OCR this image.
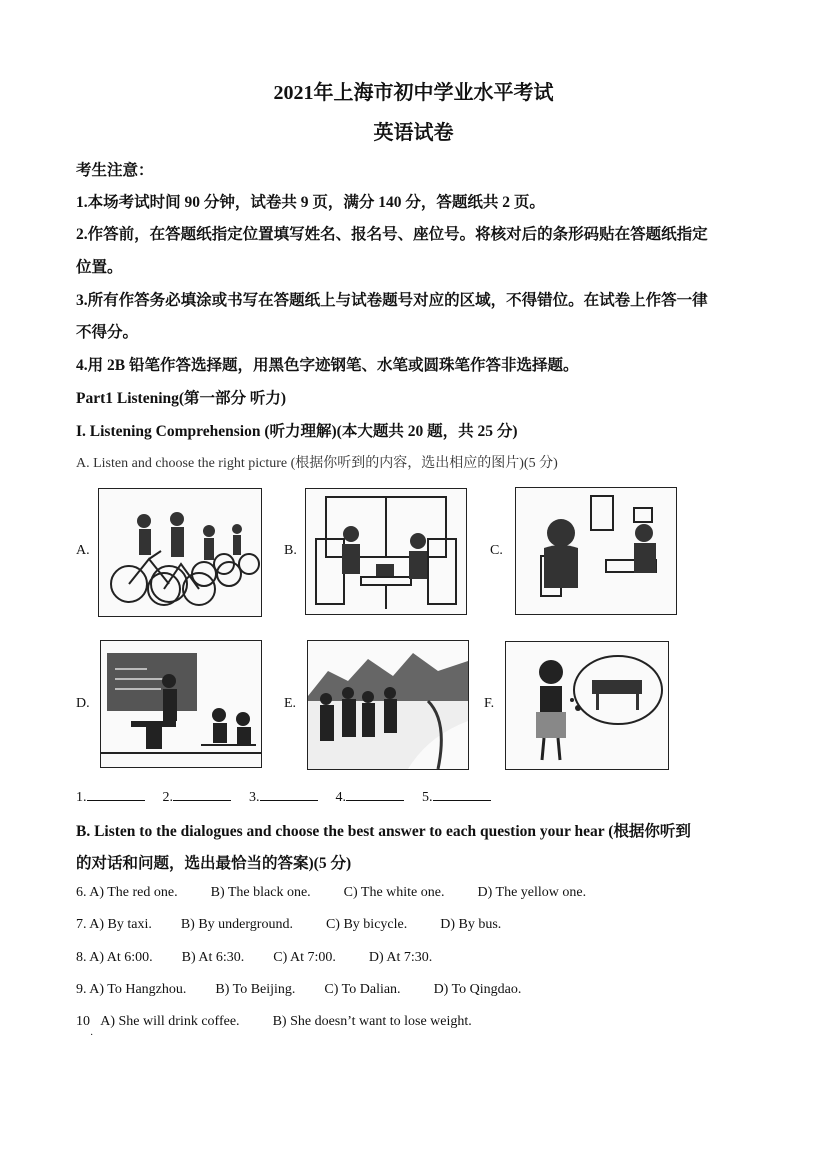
2021年上海市初中学业水平考试
英语试卷
考生注意：
1.本场考试时间 90 分钟，试卷共 9 页，满分 140 分，答题纸共 2 页。
2.作答前，在答题纸指定位置填写姓名、报名号、座位号。将核对后的条形码贴在答题纸指定
位置。
3.所有作答务必填涂或书写在答题纸上与试卷题号对应的区域，不得错位。在试卷上作答一律
不得分。
4.用 2B 铅笔作答选择题，用黑色字迹钢笔、水笔或圆珠笔作答非选择题。
Part1 Listening(第一部分 听力)
I. Listening Comprehension (听力理解)(本大题共 20 题，共 25 分)
A. Listen and choose the right picture (根据你听到的内容，选出相应的图片)(5 分)
A.	B.	C.
D.	E.	F.
1.	2.	3.	4.	5.
B. Listen to the dialogues and choose the best answer to each question your hear (根据你听到
的对话和问题，选出最恰当的答案)(5 分)
6. A) The red one. B) The black one. C) The white one. D) The yellow one.
7. A) By taxi. B) By underground. C) By bicycle. D) By bus.
8. A) At 6:00. B) At 6:30. C) At 7:00. D) At 7:30.
9. A) To Hangzhou. B) To Beijing. C) To Dalian. D) To Qingdao.
10 A) She will drink coffee. B) She doesn’t want to lose weight.
·
